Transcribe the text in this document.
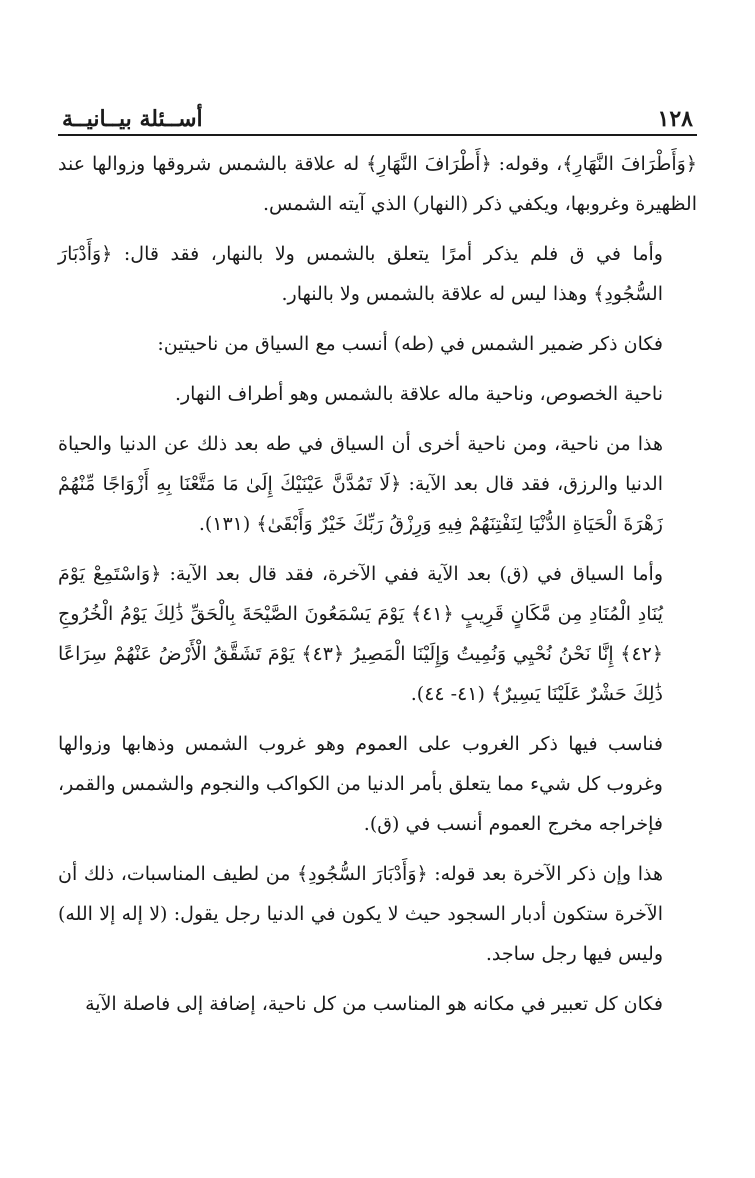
١٢٨
أســئلة بيــانيــة

﴿وَأَطْرَافَ النَّهَارِ﴾، وقوله: ﴿أَطْرَافَ النَّهَارِ﴾ له علاقة بالشمس شروقها وزوالها عند الظهيرة وغروبها، ويكفي ذكر (النهار) الذي آيته الشمس.

وأما في ق فلم يذكر أمرًا يتعلق بالشمس ولا بالنهار، فقد قال: ﴿وَأَدْبَارَ السُّجُودِ﴾ وهذا ليس له علاقة بالشمس ولا بالنهار.

فكان ذكر ضمير الشمس في (طه) أنسب مع السياق من ناحيتين:

ناحية الخصوص، وناحية ماله علاقة بالشمس وهو أطراف النهار.

هذا من ناحية، ومن ناحية أخرى أن السياق في طه بعد ذلك عن الدنيا والحياة الدنيا والرزق، فقد قال بعد الآية: ﴿لَا تَمُدَّنَّ عَيْنَيْكَ إِلَىٰ مَا مَتَّعْنَا بِهِ أَزْوَاجًا مِّنْهُمْ زَهْرَةَ الْحَيَاةِ الدُّنْيَا لِنَفْتِنَهُمْ فِيهِ وَرِزْقُ رَبِّكَ خَيْرٌ وَأَبْقَىٰ﴾ (١٣١).

وأما السياق في (ق) بعد الآية ففي الآخرة، فقد قال بعد الآية: ﴿وَاسْتَمِعْ يَوْمَ يُنَادِ الْمُنَادِ مِن مَّكَانٍ قَرِيبٍ ﴿٤١﴾ يَوْمَ يَسْمَعُونَ الصَّيْحَةَ بِالْحَقِّ ذَٰلِكَ يَوْمُ الْخُرُوجِ ﴿٤٢﴾ إِنَّا نَحْنُ نُحْيِي وَنُمِيتُ وَإِلَيْنَا الْمَصِيرُ ﴿٤٣﴾ يَوْمَ تَشَقَّقُ الْأَرْضُ عَنْهُمْ سِرَاعًا ذَٰلِكَ حَشْرٌ عَلَيْنَا يَسِيرٌ﴾ (٤١- ٤٤).

فناسب فيها ذكر الغروب على العموم وهو غروب الشمس وذهابها وزوالها وغروب كل شيء مما يتعلق بأمر الدنيا من الكواكب والنجوم والشمس والقمر، فإخراجه مخرج العموم أنسب في (ق).

هذا وإن ذكر الآخرة بعد قوله: ﴿وَأَدْبَارَ السُّجُودِ﴾ من لطيف المناسبات، ذلك أن الآخرة ستكون أدبار السجود حيث لا يكون في الدنيا رجل يقول: (لا إله إلا الله) وليس فيها رجل ساجد.

فكان كل تعبير في مكانه هو المناسب من كل ناحية، إضافة إلى فاصلة الآية
